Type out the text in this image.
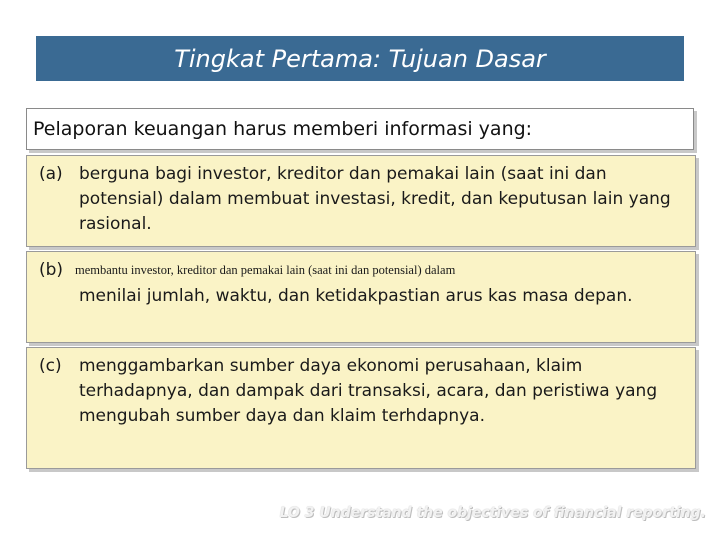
Tingkat Pertama: Tujuan Dasar
Pelaporan keuangan harus memberi informasi yang:
(a) berguna bagi investor, kreditor dan pemakai lain (saat ini dan potensial) dalam membuat investasi, kredit, dan keputusan lain yang rasional.
(b) membantu investor, kreditor dan pemakai lain (saat ini dan potensial) dalam
menilai jumlah, waktu, dan ketidakpastian arus kas masa depan.
(c) menggambarkan sumber daya ekonomi perusahaan, klaim terhadapnya, dan dampak dari transaksi, acara, dan peristiwa yang mengubah sumber daya dan klaim terhdapnya.
LO 3 Understand the objectives of financial reporting.
